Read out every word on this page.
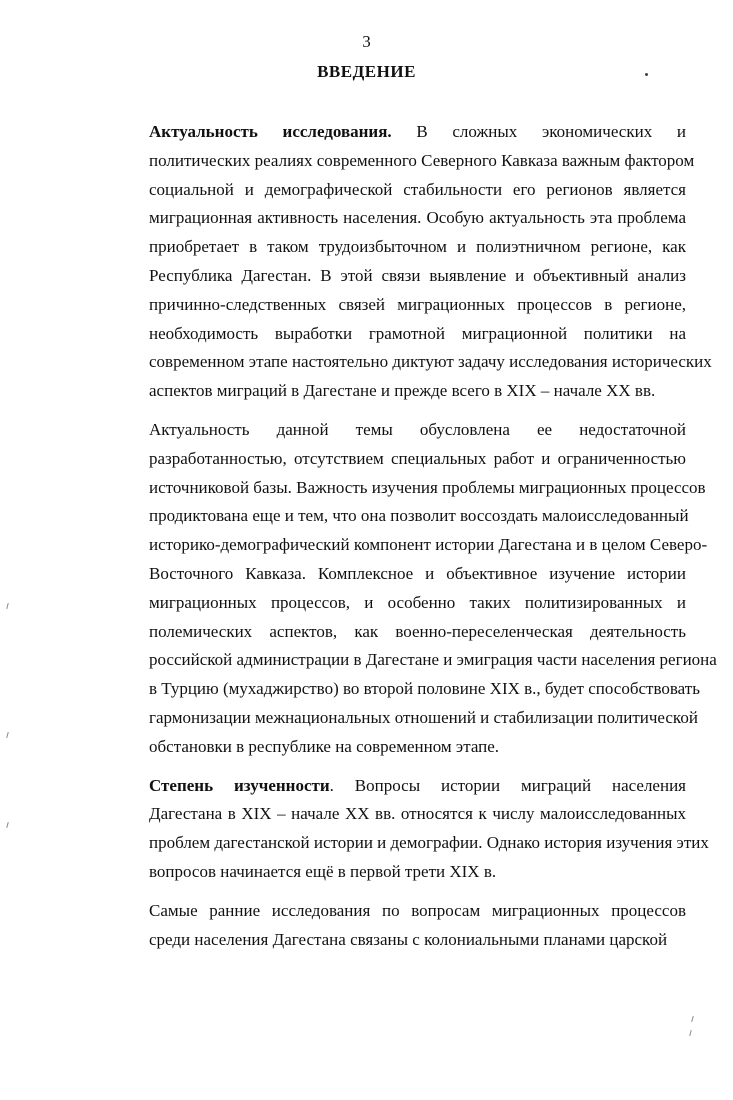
3
ВВЕДЕНИЕ
Актуальность исследования. В сложных экономических и
политических реалиях современного Северного Кавказа важным фактором
социальной и демографической стабильности его регионов является
миграционная активность населения. Особую актуальность эта проблема
приобретает в таком трудоизбыточном и полиэтничном регионе, как
Республика Дагестан. В этой связи выявление и объективный анализ
причинно-следственных связей миграционных процессов в регионе,
необходимость выработки грамотной миграционной политики на
современном этапе настоятельно диктуют задачу исследования исторических
аспектов миграций в Дагестане и прежде всего в XIX – начале XX вв.
Актуальность данной темы обусловлена ее недостаточной
разработанностью, отсутствием специальных работ и ограниченностью
источниковой базы. Важность изучения проблемы миграционных процессов
продиктована еще и тем, что она позволит воссоздать малоисследованный
историко-демографический компонент истории Дагестана и в целом Северо-
Восточного Кавказа. Комплексное и объективное изучение истории
миграционных процессов, и особенно таких политизированных и
полемических аспектов, как военно-переселенческая деятельность
российской администрации в Дагестане и эмиграция части населения региона
в Турцию (мухаджирство) во второй половине XIX в., будет способствовать
гармонизации межнациональных отношений и стабилизации политической
обстановки в республике на современном этапе.
Степень изученности. Вопросы истории миграций населения
Дагестана в XIX – начале XX вв. относятся к числу малоисследованных
проблем дагестанской истории и демографии. Однако история изучения этих
вопросов начинается ещё в первой трети XIX в.
Самые ранние исследования по вопросам миграционных процессов
среди населения Дагестана связаны с колониальными планами царской
